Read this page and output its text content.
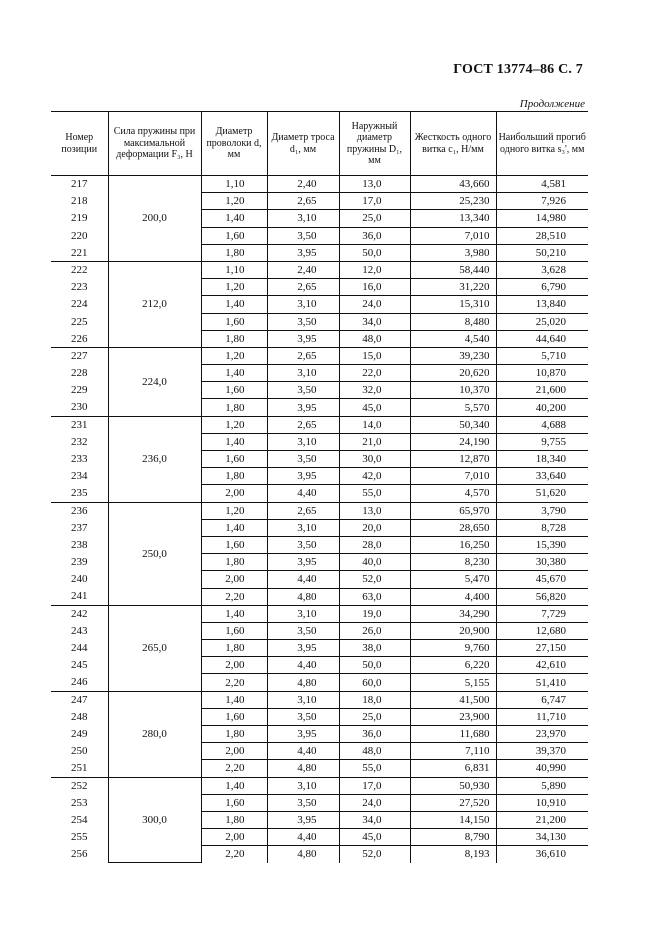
ГОСТ 13774–86 С. 7
Продолжение
Номер позиции	Сила пружины при максимальной деформации F₃, Н	Диаметр проволоки d, мм	Диаметр троса d₁, мм	Наружный диаметр пружины D₁, мм	Жесткость одного витка c₁, Н/мм	Наибольший прогиб одного витка s₃', мм
217	200,0	1,10	2,40	13,0	43,660	4,581
218		1,20	2,65	17,0	25,230	7,926
219		1,40	3,10	25,0	13,340	14,980
220		1,60	3,50	36,0	7,010	28,510
221		1,80	3,95	50,0	3,980	50,210
222	212,0	1,10	2,40	12,0	58,440	3,628
223		1,20	2,65	16,0	31,220	6,790
224		1,40	3,10	24,0	15,310	13,840
225		1,60	3,50	34,0	8,480	25,020
226		1,80	3,95	48,0	4,540	44,640
227	224,0	1,20	2,65	15,0	39,230	5,710
228		1,40	3,10	22,0	20,620	10,870
229		1,60	3,50	32,0	10,370	21,600
230		1,80	3,95	45,0	5,570	40,200
231	236,0	1,20	2,65	14,0	50,340	4,688
232		1,40	3,10	21,0	24,190	9,755
233		1,60	3,50	30,0	12,870	18,340
234		1,80	3,95	42,0	7,010	33,640
235		2,00	4,40	55,0	4,570	51,620
236	250,0	1,20	2,65	13,0	65,970	3,790
237		1,40	3,10	20,0	28,650	8,728
238		1,60	3,50	28,0	16,250	15,390
239		1,80	3,95	40,0	8,230	30,380
240		2,00	4,40	52,0	5,470	45,670
241		2,20	4,80	63,0	4,400	56,820
242	265,0	1,40	3,10	19,0	34,290	7,729
243		1,60	3,50	26,0	20,900	12,680
244		1,80	3,95	38,0	9,760	27,150
245		2,00	4,40	50,0	6,220	42,610
246		2,20	4,80	60,0	5,155	51,410
247	280,0	1,40	3,10	18,0	41,500	6,747
248		1,60	3,50	25,0	23,900	11,710
249		1,80	3,95	36,0	11,680	23,970
250		2,00	4,40	48,0	7,110	39,370
251		2,20	4,80	55,0	6,831	40,990
252	300,0	1,40	3,10	17,0	50,930	5,890
253		1,60	3,50	24,0	27,520	10,910
254		1,80	3,95	34,0	14,150	21,200
255		2,00	4,40	45,0	8,790	34,130
256		2,20	4,80	52,0	8,193	36,610
